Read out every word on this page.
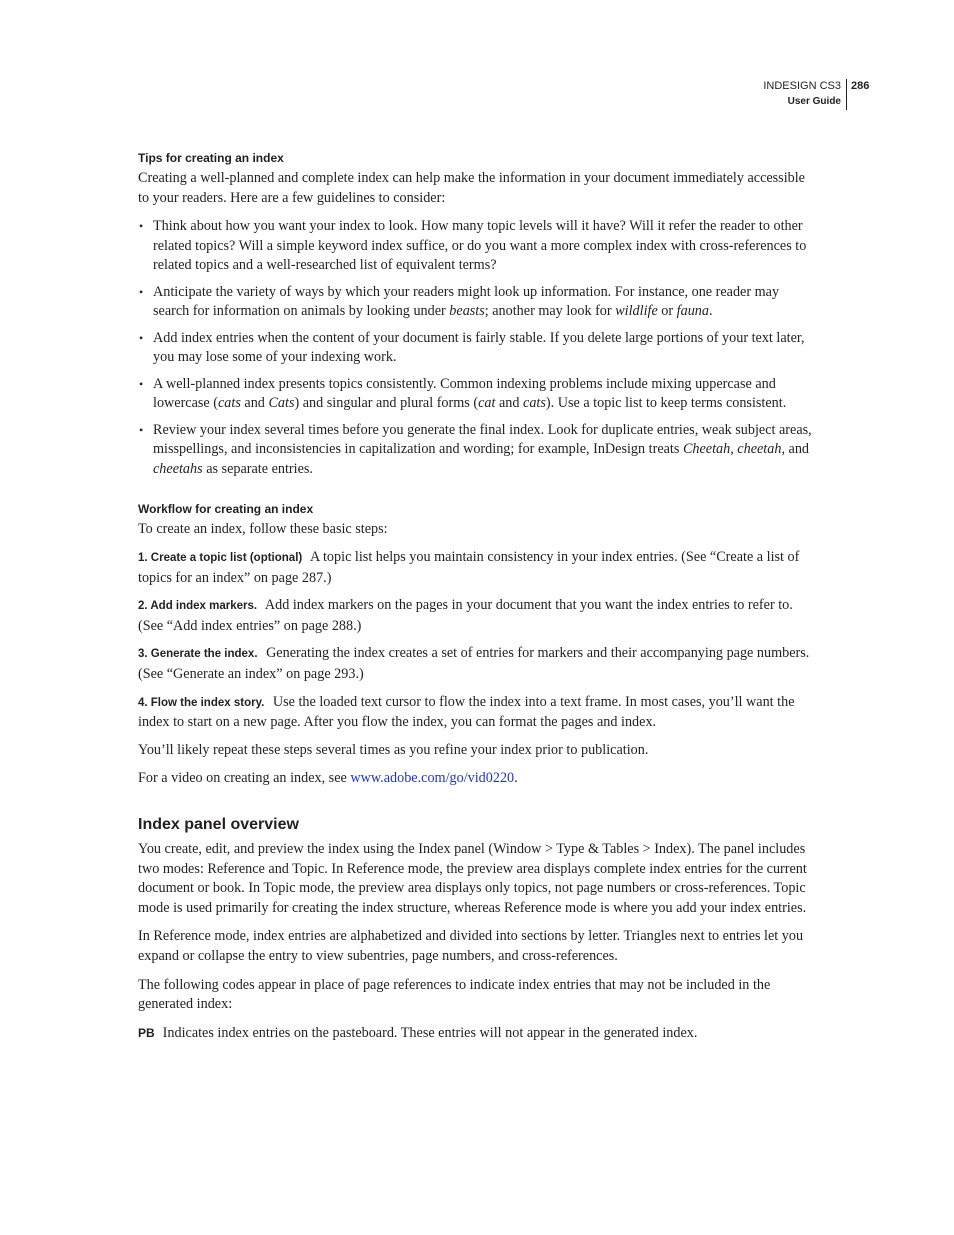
INDESIGN CS3
User Guide
286
Tips for creating an index

Creating a well-planned and complete index can help make the information in your document immediately accessible to your readers. Here are a few guidelines to consider:

• Think about how you want your index to look. How many topic levels will it have? Will it refer the reader to other related topics? Will a simple keyword index suffice, or do you want a more complex index with cross-references to related topics and a well-researched list of equivalent terms?
• Anticipate the variety of ways by which your readers might look up information. For instance, one reader may search for information on animals by looking under beasts; another may look for wildlife or fauna.
• Add index entries when the content of your document is fairly stable. If you delete large portions of your text later, you may lose some of your indexing work.
• A well-planned index presents topics consistently. Common indexing problems include mixing uppercase and lowercase (cats and Cats) and singular and plural forms (cat and cats). Use a topic list to keep terms consistent.
• Review your index several times before you generate the final index. Look for duplicate entries, weak subject areas, misspellings, and inconsistencies in capitalization and wording; for example, InDesign treats Cheetah, cheetah, and cheetahs as separate entries.
Workflow for creating an index

To create an index, follow these basic steps:

1. Create a topic list (optional) A topic list helps you maintain consistency in your index entries. (See “Create a list of topics for an index” on page 287.)

2. Add index markers. Add index markers on the pages in your document that you want the index entries to refer to. (See “Add index entries” on page 288.)

3. Generate the index. Generating the index creates a set of entries for markers and their accompanying page numbers. (See “Generate an index” on page 293.)

4. Flow the index story. Use the loaded text cursor to flow the index into a text frame. In most cases, you’ll want the index to start on a new page. After you flow the index, you can format the pages and index.

You’ll likely repeat these steps several times as you refine your index prior to publication.

For a video on creating an index, see www.adobe.com/go/vid0220.

Index panel overview

You create, edit, and preview the index using the Index panel (Window > Type & Tables > Index). The panel includes two modes: Reference and Topic. In Reference mode, the preview area displays complete index entries for the current document or book. In Topic mode, the preview area displays only topics, not page numbers or cross-references. Topic mode is used primarily for creating the index structure, whereas Reference mode is where you add your index entries.

In Reference mode, index entries are alphabetized and divided into sections by letter. Triangles next to entries let you expand or collapse the entry to view subentries, page numbers, and cross-references.

The following codes appear in place of page references to indicate index entries that may not be included in the generated index:

PB Indicates index entries on the pasteboard. These entries will not appear in the generated index.
